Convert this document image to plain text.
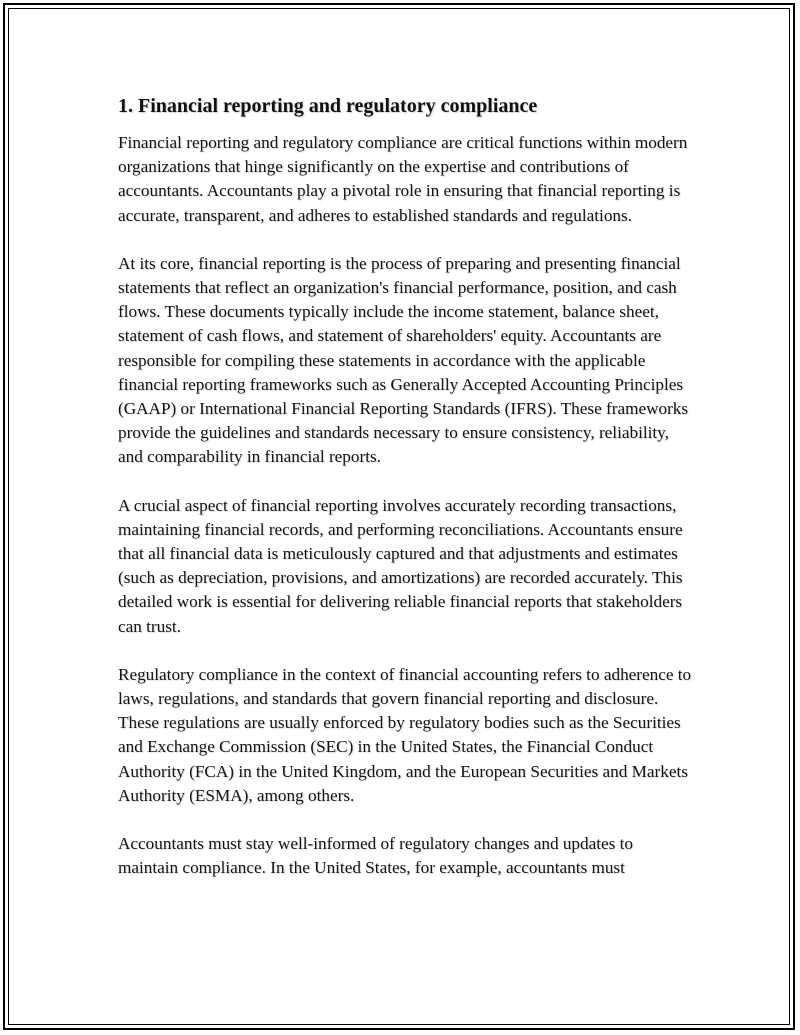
1. Financial reporting and regulatory compliance

Financial reporting and regulatory compliance are critical functions within modern organizations that hinge significantly on the expertise and contributions of accountants. Accountants play a pivotal role in ensuring that financial reporting is accurate, transparent, and adheres to established standards and regulations.

At its core, financial reporting is the process of preparing and presenting financial statements that reflect an organization's financial performance, position, and cash flows. These documents typically include the income statement, balance sheet, statement of cash flows, and statement of shareholders' equity. Accountants are responsible for compiling these statements in accordance with the applicable financial reporting frameworks such as Generally Accepted Accounting Principles (GAAP) or International Financial Reporting Standards (IFRS). These frameworks provide the guidelines and standards necessary to ensure consistency, reliability, and comparability in financial reports.

A crucial aspect of financial reporting involves accurately recording transactions, maintaining financial records, and performing reconciliations. Accountants ensure that all financial data is meticulously captured and that adjustments and estimates (such as depreciation, provisions, and amortizations) are recorded accurately. This detailed work is essential for delivering reliable financial reports that stakeholders can trust.

Regulatory compliance in the context of financial accounting refers to adherence to laws, regulations, and standards that govern financial reporting and disclosure. These regulations are usually enforced by regulatory bodies such as the Securities and Exchange Commission (SEC) in the United States, the Financial Conduct Authority (FCA) in the United Kingdom, and the European Securities and Markets Authority (ESMA), among others.

Accountants must stay well-informed of regulatory changes and updates to maintain compliance. In the United States, for example, accountants must
